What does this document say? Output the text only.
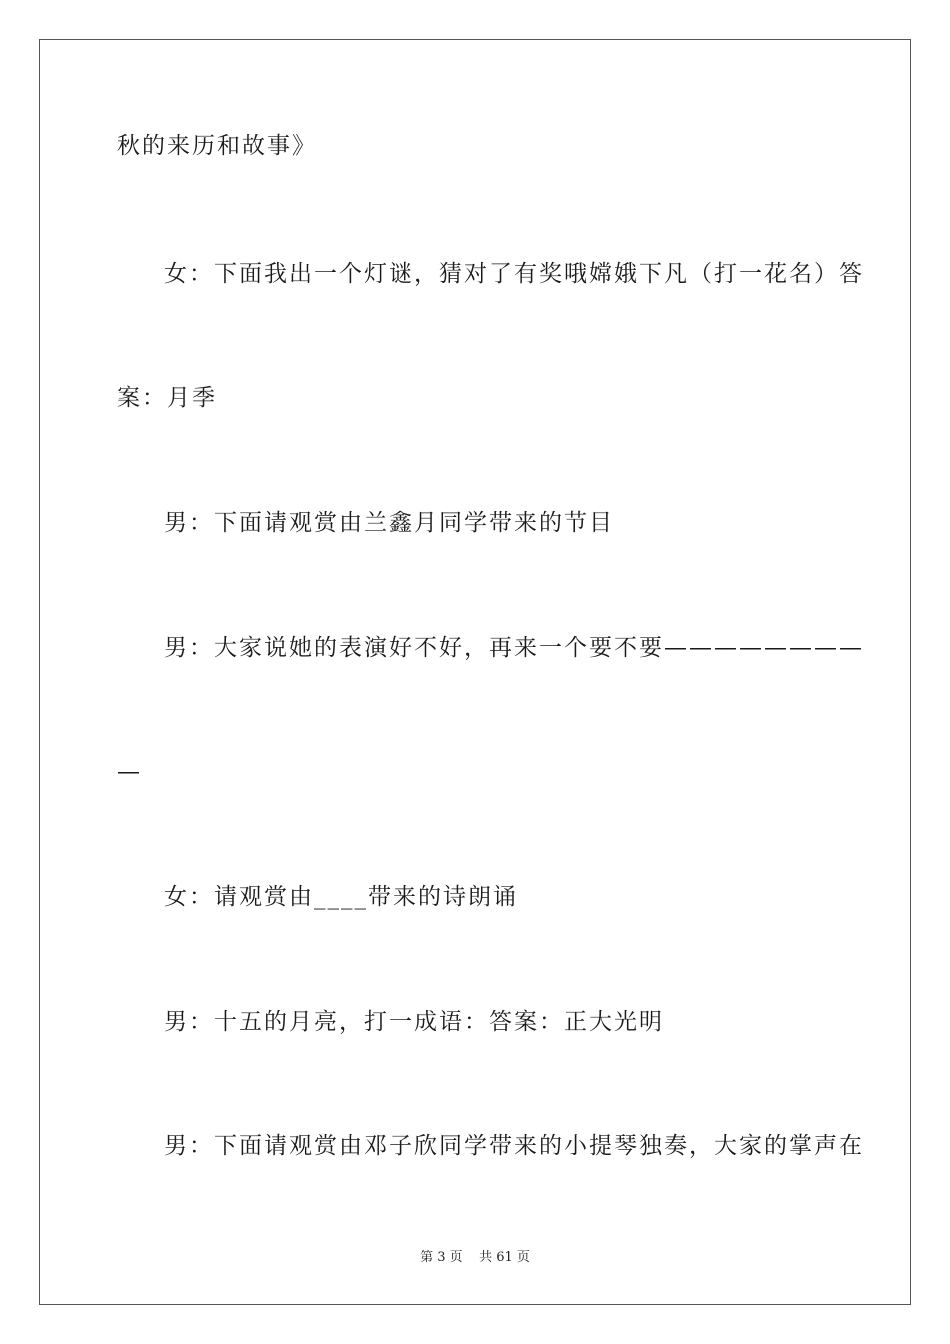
秋的来历和故事》
女：下面我出一个灯谜，猜对了有奖哦嫦娥下凡（打一花名）答
案：月季
男：下面请观赏由兰鑫月同学带来的节目
男：大家说她的表演好不好，再来一个要不要————————
—
女：请观赏由____带来的诗朗诵
男：十五的月亮，打一成语：答案：正大光明
男：下面请观赏由邓子欣同学带来的小提琴独奏，大家的掌声在
第 3 页    共 61 页
